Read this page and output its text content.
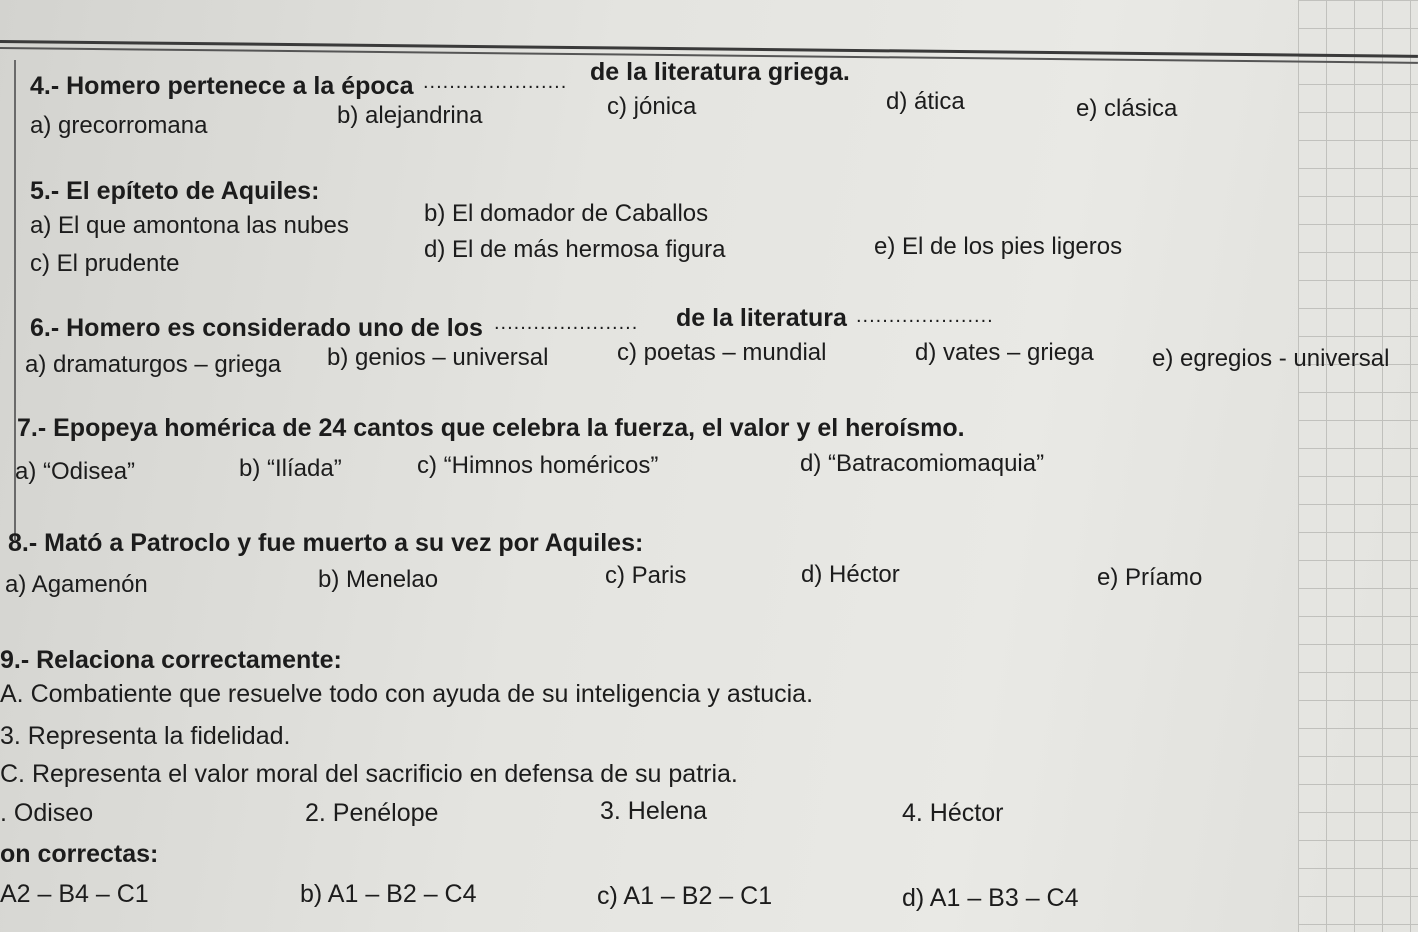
4.- Homero pertenece a la época ...................... de la literatura griega.
a) grecorromana	b) alejandrina	c) jónica	d) ática	e) clásica
5.- El epíteto de Aquiles:
a) El que amontona las nubes	b) El domador de Caballos
c) El prudente
d) El de más hermosa figura	e) El de los pies ligeros
6.- Homero es considerado uno de los ...................... de la literatura .....................
a) dramaturgos – griega b) genios – universal	c) poetas – mundial	d) vates – griega e) egregios - universal
7.- Epopeya homérica de 24 cantos que celebra la fuerza, el valor y el heroísmo.
a) “Odisea”	b) “Ilíada”	c) “Himnos homéricos”	d) “Batracomiomaquia”
8.- Mató a Patroclo y fue muerto a su vez por Aquiles:
a) Agamenón	b) Menelao	c) Paris	d) Héctor	e) Príamo
9.- Relaciona correctamente:
A. Combatiente que resuelve todo con ayuda de su inteligencia y astucia.
3. Representa la fidelidad.
C. Representa el valor moral del sacrificio en defensa de su patria.
. Odiseo	2. Penélope	3. Helena	4. Héctor
on correctas:
A2 – B4 – C1	b) A1 – B2 – C4	c) A1 – B2 – C1	d) A1 – B3 – C4
